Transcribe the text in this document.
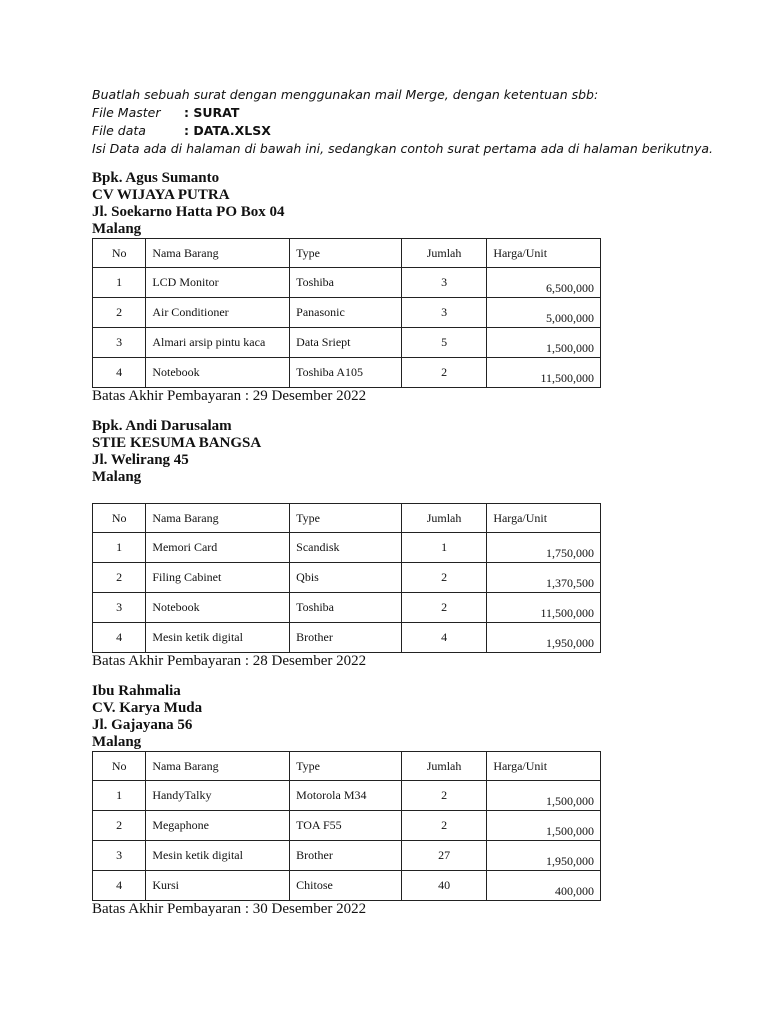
Buatlah sebuah surat dengan menggunakan mail Merge, dengan ketentuan sbb:
File Master : SURAT
File data	: DATA.XLSX
Isi Data ada di halaman di bawah ini, sedangkan contoh surat pertama ada di halaman berikutnya.
Bpk. Agus Sumanto
CV WIJAYA PUTRA
Jl. Soekarno Hatta PO Box 04
Malang
No	Nama Barang	Type	Jumlah	Harga/Unit
1	LCD Monitor	Toshiba	3	6,500,000
2	Air Conditioner	Panasonic	3	5,000,000
3	Almari arsip pintu kaca	Data Sriept	5	1,500,000
4	Notebook	Toshiba A105	2	11,500,000
Batas Akhir Pembayaran : 29 Desember 2022
Bpk. Andi Darusalam
STIE KESUMA BANGSA
Jl. Welirang 45
Malang
No	Nama Barang	Type	Jumlah	Harga/Unit
1	Memori Card	Scandisk	1	1,750,000
2	Filing Cabinet	Qbis	2	1,370,500
3	Notebook	Toshiba	2	11,500,000
4	Mesin ketik digital	Brother	4	1,950,000
Batas Akhir Pembayaran : 28 Desember 2022
Ibu Rahmalia
CV. Karya Muda
Jl. Gajayana 56
Malang
No	Nama Barang	Type	Jumlah	Harga/Unit
1	HandyTalky	Motorola M34	2	1,500,000
2	Megaphone	TOA F55	2	1,500,000
3	Mesin ketik digital	Brother	27	1,950,000
4	Kursi	Chitose	40	400,000
Batas Akhir Pembayaran : 30 Desember 2022
